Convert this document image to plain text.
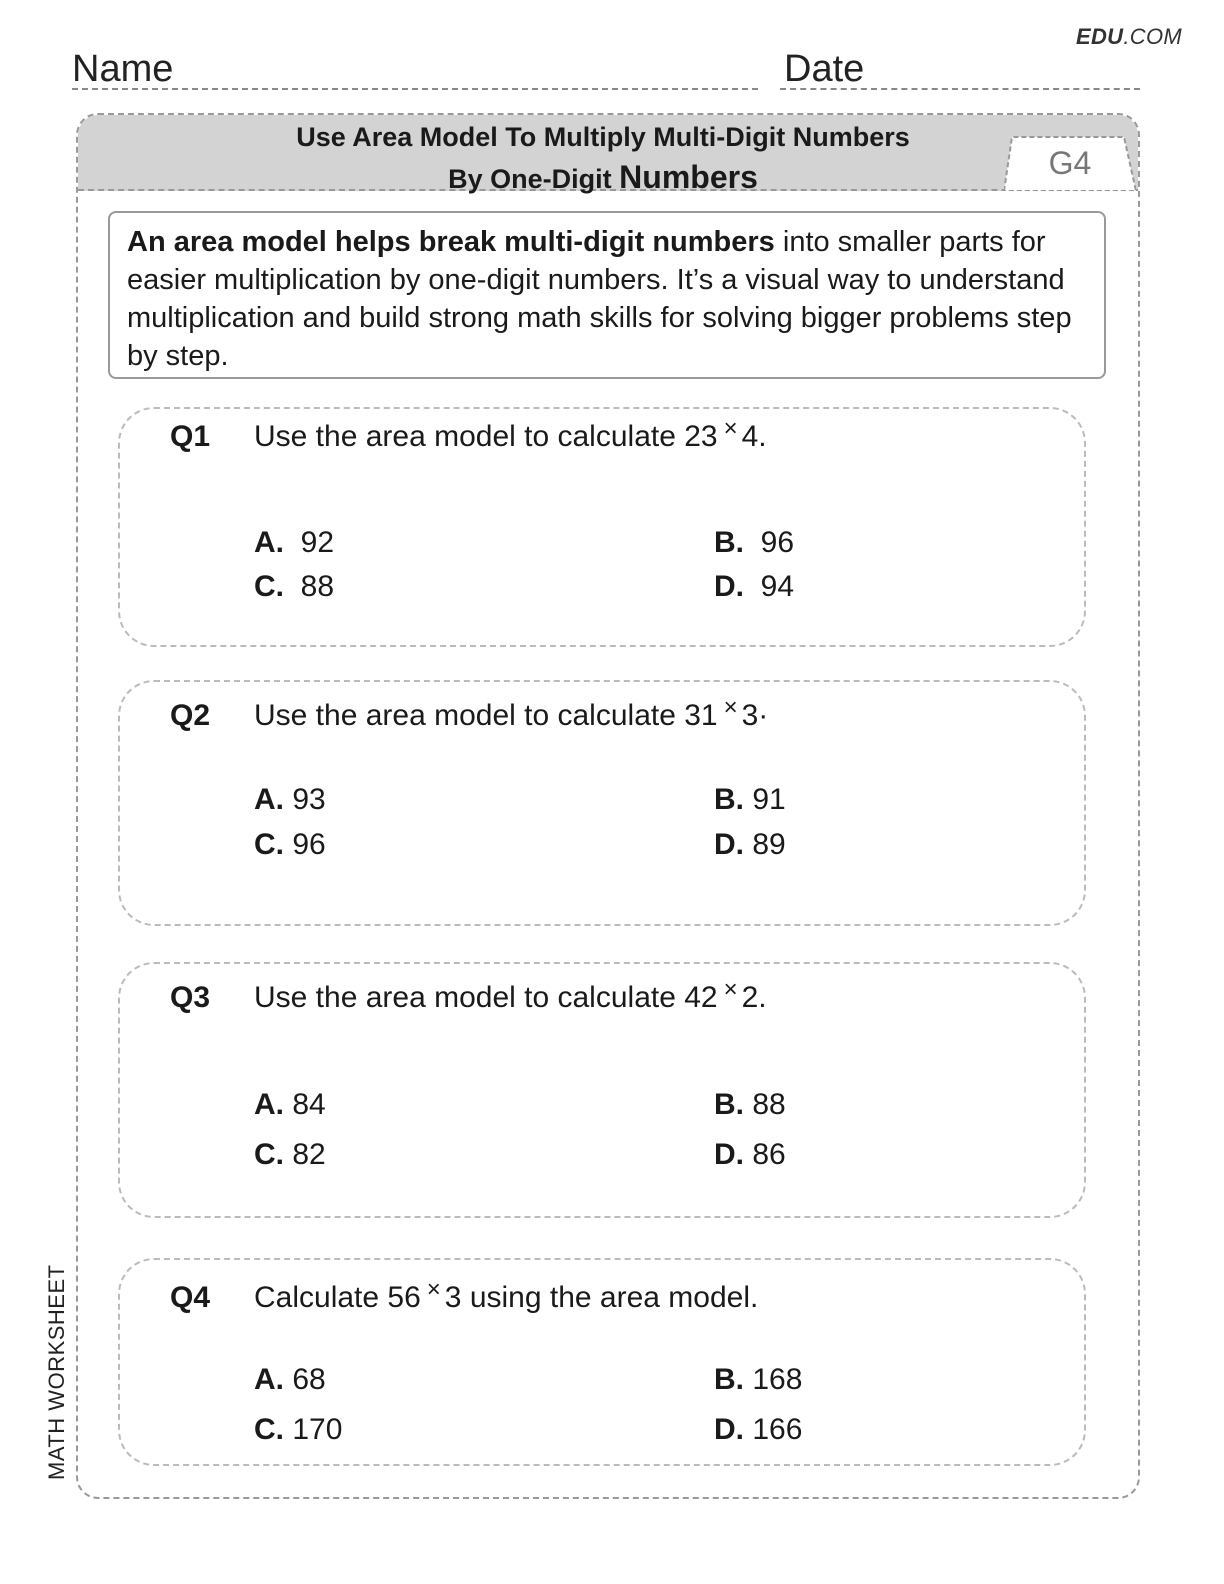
EDU.COM
Name	Date
Use Area Model To Multiply Multi-Digit Numbers
By One-Digit Numbers	G4
An area model helps break multi-digit numbers into smaller parts for easier multiplication by one-digit numbers. It’s a visual way to understand multiplication and build strong math skills for solving bigger problems step by step.
Q1 Use the area model to calculate 23 × 4.
A. 92	B. 96
C. 88	D. 94
Q2 Use the area model to calculate 31 × 3·
A. 93	B. 91
C. 96	D. 89
Q3 Use the area model to calculate 42 × 2.
A. 84	B. 88
C. 82	D. 86
Q4 Calculate 56 × 3 using the area model.
A. 68	B. 168
C. 170	D. 166
MATH WORKSHEET
